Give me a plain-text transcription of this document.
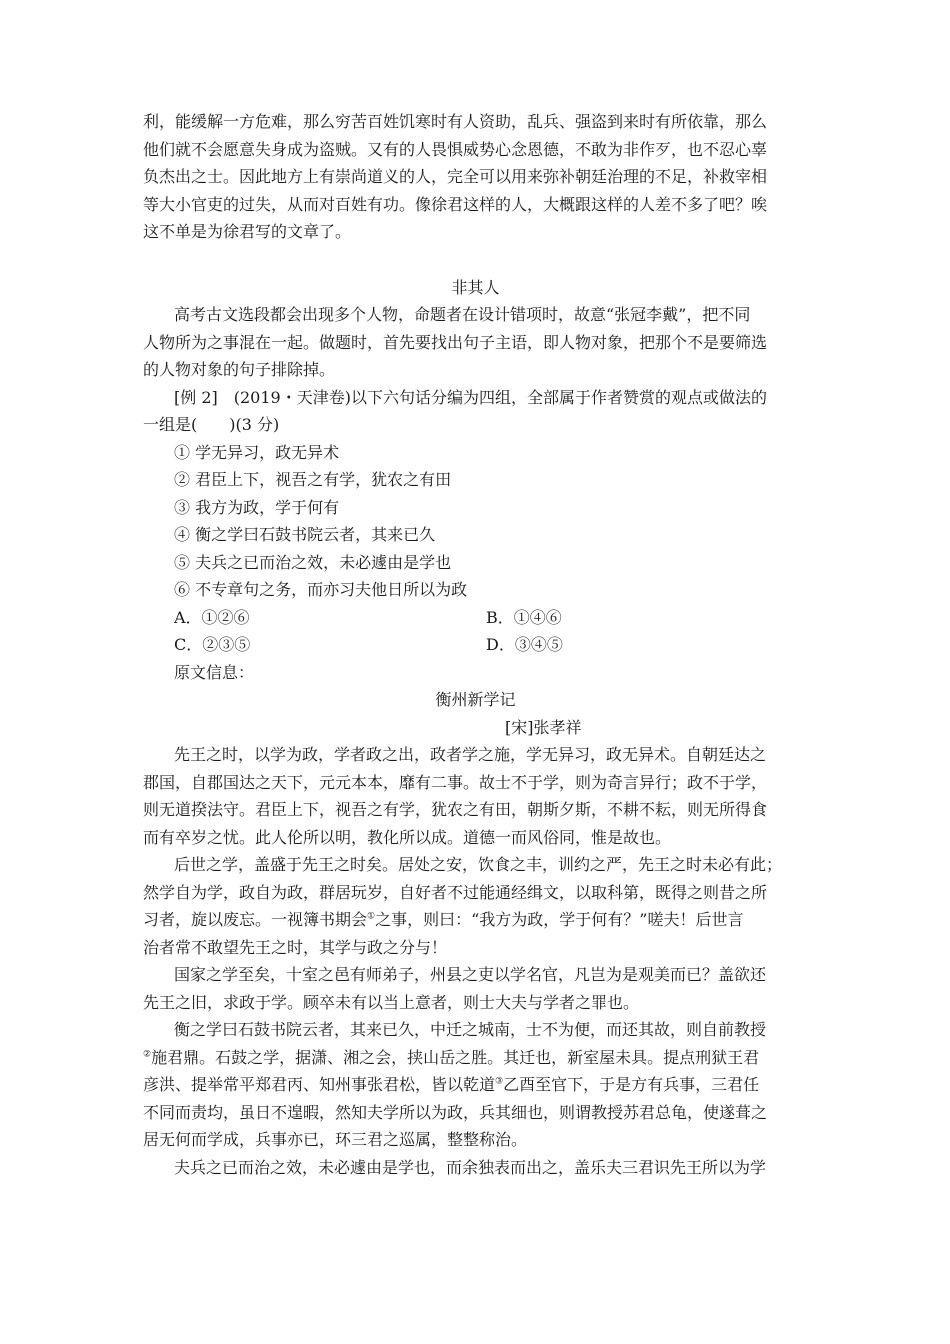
利，能缓解一方危难，那么穷苦百姓饥寒时有人资助，乱兵、强盗到来时有所依靠，那么
他们就不会愿意失身成为盗贼。又有的人畏惧威势心念恩德，不敢为非作歹，也不忍心辜
负杰出之士。因此地方上有崇尚道义的人，完全可以用来弥补朝廷治理的不足，补救宰相
等大小官吏的过失，从而对百姓有功。像徐君这样的人，大概跟这样的人差不多了吧？唉
这不单是为徐君写的文章了。
非其人
高考古文选段都会出现多个人物，命题者在设计错项时，故意“张冠李戴”，把不同
人物所为之事混在一起。做题时，首先要找出句子主语，即人物对象，把那个不是要筛选
的人物对象的句子排除掉。
[例 2]　(2019・天津卷)以下六句话分编为四组，全部属于作者赞赏的观点或做法的
一组是(　　)(3 分)
① 学无异习，政无异术
② 君臣上下，视吾之有学，犹农之有田
③ 我方为政，学于何有
④ 衡之学曰石鼓书院云者，其来已久
⑤ 夫兵之已而治之效，未必遽由是学也
⑥ 不专章句之务，而亦习夫他日所以为政
A．①②⑥	B．①④⑥
C．②③⑤	D．③④⑤
原文信息：
衡州新学记
[宋]张孝祥
先王之时，以学为政，学者政之出，政者学之施，学无异习，政无异术。自朝廷达之
郡国，自郡国达之天下，元元本本，靡有二事。故士不于学，则为奇言异行；政不于学，
则无道揆法守。君臣上下，视吾之有学，犹农之有田，朝斯夕斯，不耕不耘，则无所得食
而有卒岁之忧。此人伦所以明，教化所以成。道德一而风俗同，惟是故也。
后世之学，盖盛于先王之时矣。居处之安，饮食之丰，训约之严，先王之时未必有此；
然学自为学，政自为政，群居玩岁，自好者不过能通经缉文，以取科第，既得之则昔之所
习者，旋以废忘。一视簿书期会①之事，则曰：“我方为政，学于何有？”嗟夫！后世言
治者常不敢望先王之时，其学与政之分与！
国家之学至矣，十室之邑有师弟子，州县之吏以学名官，凡岂为是观美而已？盖欲还
先王之旧，求政于学。顾卒未有以当上意者，则士大夫与学者之罪也。
衡之学曰石鼓书院云者，其来已久，中迁之城南，士不为便，而还其故，则自前教授
②施君鼎。石鼓之学，据潇、湘之会，挟山岳之胜。其迁也，新室屋未具。提点刑狱王君
彦洪、提举常平郑君丙、知州事张君松，皆以乾道③乙酉至官下，于是方有兵事，三君任
不同而责均，虽日不遑暇，然知夫学所以为政，兵其细也，则谓教授苏君总龟，使遂葺之
居无何而学成，兵事亦已，环三君之巡属，整整称治。
夫兵之已而治之效，未必遽由是学也，而余独表而出之，盖乐夫三君识先王所以为学
